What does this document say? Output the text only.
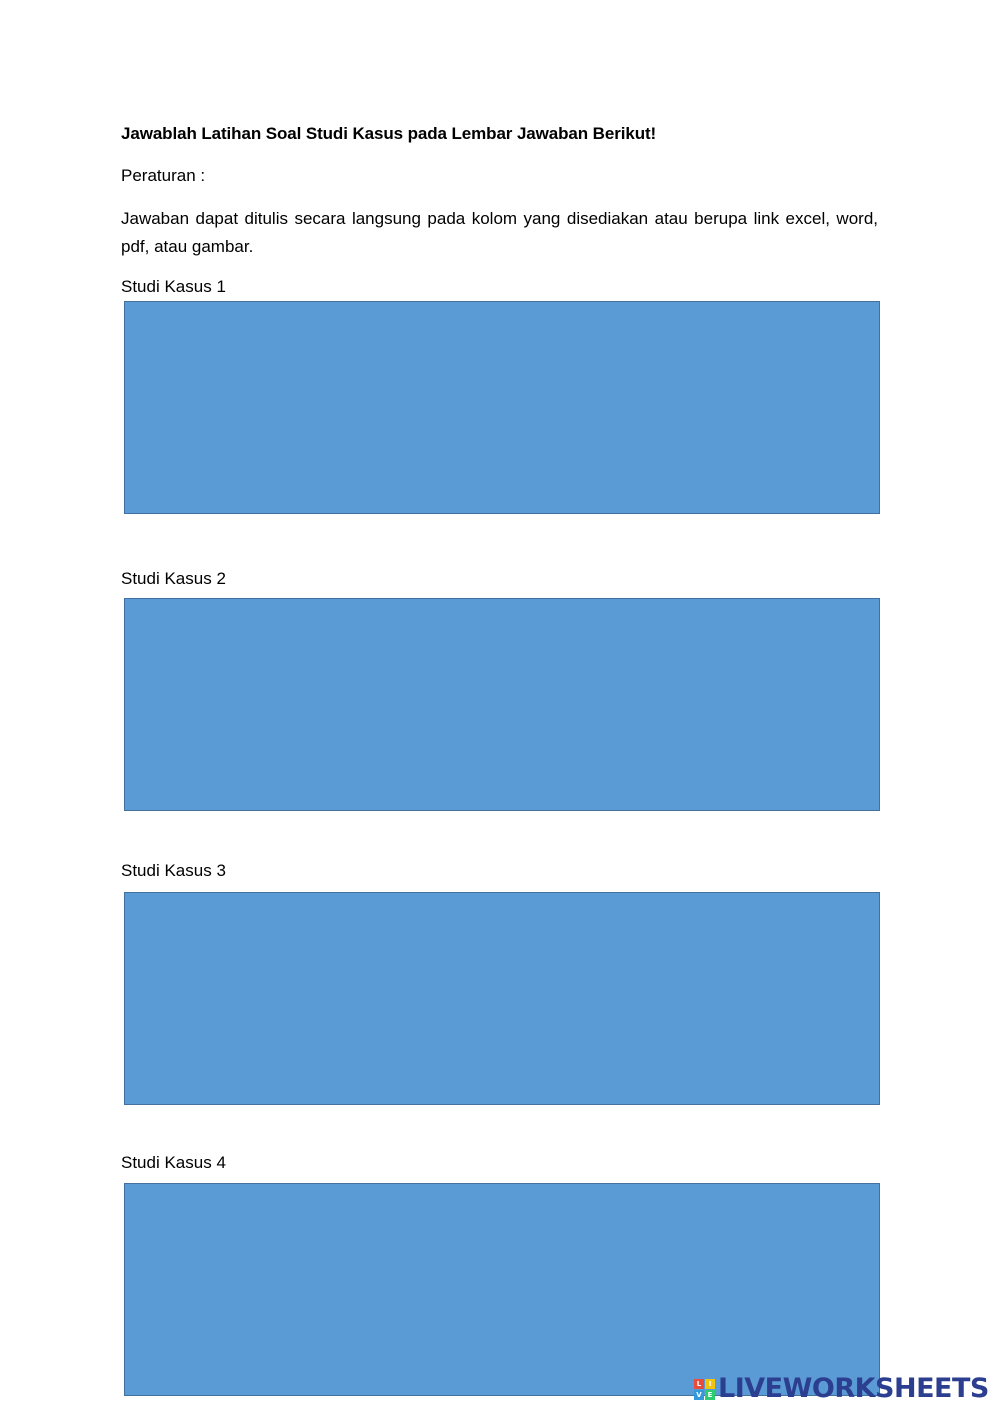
Jawablah Latihan Soal Studi Kasus pada Lembar Jawaban Berikut!
Peraturan :
Jawaban dapat ditulis secara langsung pada kolom yang disediakan atau berupa link excel, word, pdf, atau gambar.
Studi Kasus 1
Studi Kasus 2
Studi Kasus 3
Studi Kasus 4
L	I
V E LIVEWORKSHEETS
